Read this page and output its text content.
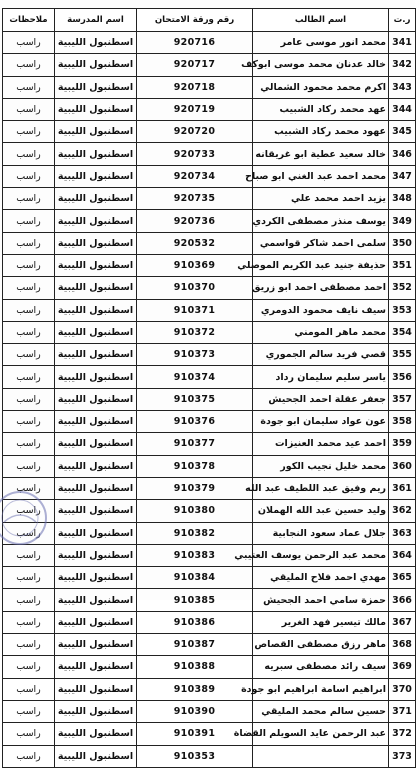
ر.ت	اسم الطالب	رقم ورقة الامتحان	اسم المدرسة	ملاحظات
341	محمد انور موسى عامر	920716	اسطنبول الليبية	راسب
342	خالد عدنان محمد موسى ابوكف	920717	اسطنبول الليبية	راسب
343	اكرم محمد محمود الشمالي	920718	اسطنبول الليبية	راسب
344	عهد محمد ركاد الشبيب	920719	اسطنبول الليبية	راسب
345	عهود محمد ركاد الشبيب	920720	اسطنبول الليبية	راسب
346	خالد سعيد عطية ابو غريقانه	920733	اسطنبول الليبية	راسب
347	محمد احمد عبد الغني ابو صباح	920734	اسطنبول الليبية	راسب
348	يزيد احمد محمد علي	920735	اسطنبول الليبية	راسب
349	يوسف منذر مصطفى الكردي	920736	اسطنبول الليبية	راسب
350	سلمى احمد شاكر قواسمي	920532	اسطنبول الليبية	راسب
351	حذيفة جنيد عبد الكريم الموصلي	910369	اسطنبول الليبية	راسب
352	احمد مصطفى احمد ابو زريق	910370	اسطنبول الليبية	راسب
353	سيف نايف محمود الدومري	910371	اسطنبول الليبية	راسب
354	محمد ماهر المومني	910372	اسطنبول الليبية	راسب
355	قصي فريد سالم الجموري	910373	اسطنبول الليبية	راسب
356	ياسر سليم سليمان رداد	910374	اسطنبول الليبية	راسب
357	جعفر عقلة احمد الجحيش	910375	اسطنبول الليبية	راسب
358	عون عواد سليمان ابو جودة	910376	اسطنبول الليبية	راسب
359	احمد عيد محمد العنيزات	910377	اسطنبول الليبية	راسب
360	محمد خليل نجيب الكور	910378	اسطنبول الليبية	راسب
361	ريم وفيق عبد اللطيف عبد الله	910379	اسطنبول الليبية	راسب
362	وليد حسين عبد الله الهملان	910380	اسطنبول الليبية	راسب
363	جلال عماد سعود النجابية	910382	اسطنبول الليبية	راسب
364	محمد عبد الرحمن يوسف العتيبي	910383	اسطنبول الليبية	راسب
365	مهدي احمد فلاح المليقي	910384	اسطنبول الليبية	راسب
366	حمزة سامي احمد الجحيش	910385	اسطنبول الليبية	راسب
367	مالك تيسير فهد الغرير	910386	اسطنبول الليبية	راسب
368	ماهر رزق مصطفى القصاص	910387	اسطنبول الليبية	راسب
369	سيف رائد مصطفى سبريه	910388	اسطنبول الليبية	راسب
370	ابراهيم اسامة ابراهيم ابو جودة	910389	اسطنبول الليبية	راسب
371	حسين سالم محمد المليقي	910390	اسطنبول الليبية	راسب
372	عبد الرحمن عايد السويلم القضاة	910391	اسطنبول الليبية	راسب
373		910353	اسطنبول الليبية	راسب
